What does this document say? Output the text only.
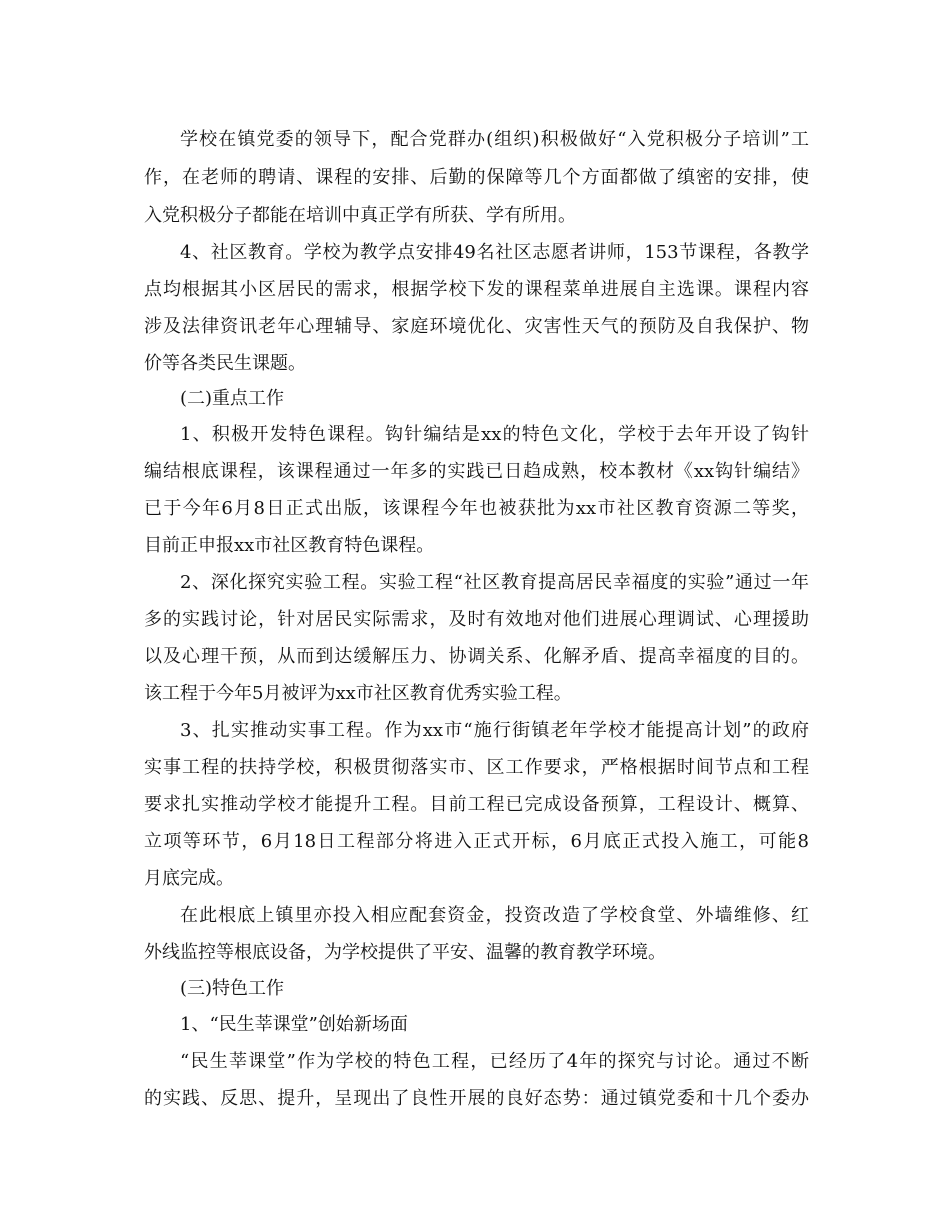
学校在镇党委的领导下，配合党群办(组织)积极做好“入党积极分子培训”工
作，在老师的聘请、课程的安排、后勤的保障等几个方面都做了缜密的安排，使
入党积极分子都能在培训中真正学有所获、学有所用。
4、社区教育。学校为教学点安排49名社区志愿者讲师，153节课程，各教学
点均根据其小区居民的需求，根据学校下发的课程菜单进展自主选课。课程内容
涉及法律资讯老年心理辅导、家庭环境优化、灾害性天气的预防及自我保护、物
价等各类民生课题。
(二)重点工作
1、积极开发特色课程。钩针编结是xx的特色文化，学校于去年开设了钩针
编结根底课程，该课程通过一年多的实践已日趋成熟，校本教材《xx钩针编结》
已于今年6月8日正式出版，该课程今年也被获批为xx市社区教育资源二等奖，
目前正申报xx市社区教育特色课程。
2、深化探究实验工程。实验工程“社区教育提高居民幸福度的实验”通过一年
多的实践讨论，针对居民实际需求，及时有效地对他们进展心理调试、心理援助
以及心理干预，从而到达缓解压力、协调关系、化解矛盾、提高幸福度的目的。
该工程于今年5月被评为xx市社区教育优秀实验工程。
3、扎实推动实事工程。作为xx市“施行街镇老年学校才能提高计划”的政府
实事工程的扶持学校，积极贯彻落实市、区工作要求，严格根据时间节点和工程
要求扎实推动学校才能提升工程。目前工程已完成设备预算，工程设计、概算、
立项等环节，6月18日工程部分将进入正式开标，6月底正式投入施工，可能8
月底完成。
在此根底上镇里亦投入相应配套资金，投资改造了学校食堂、外墙维修、红
外线监控等根底设备，为学校提供了平安、温馨的教育教学环境。
(三)特色工作
1、“民生莘课堂”创始新场面
“民生莘课堂”作为学校的特色工程，已经历了4年的探究与讨论。通过不断
的实践、反思、提升，呈现出了良性开展的良好态势：通过镇党委和十几个委办
